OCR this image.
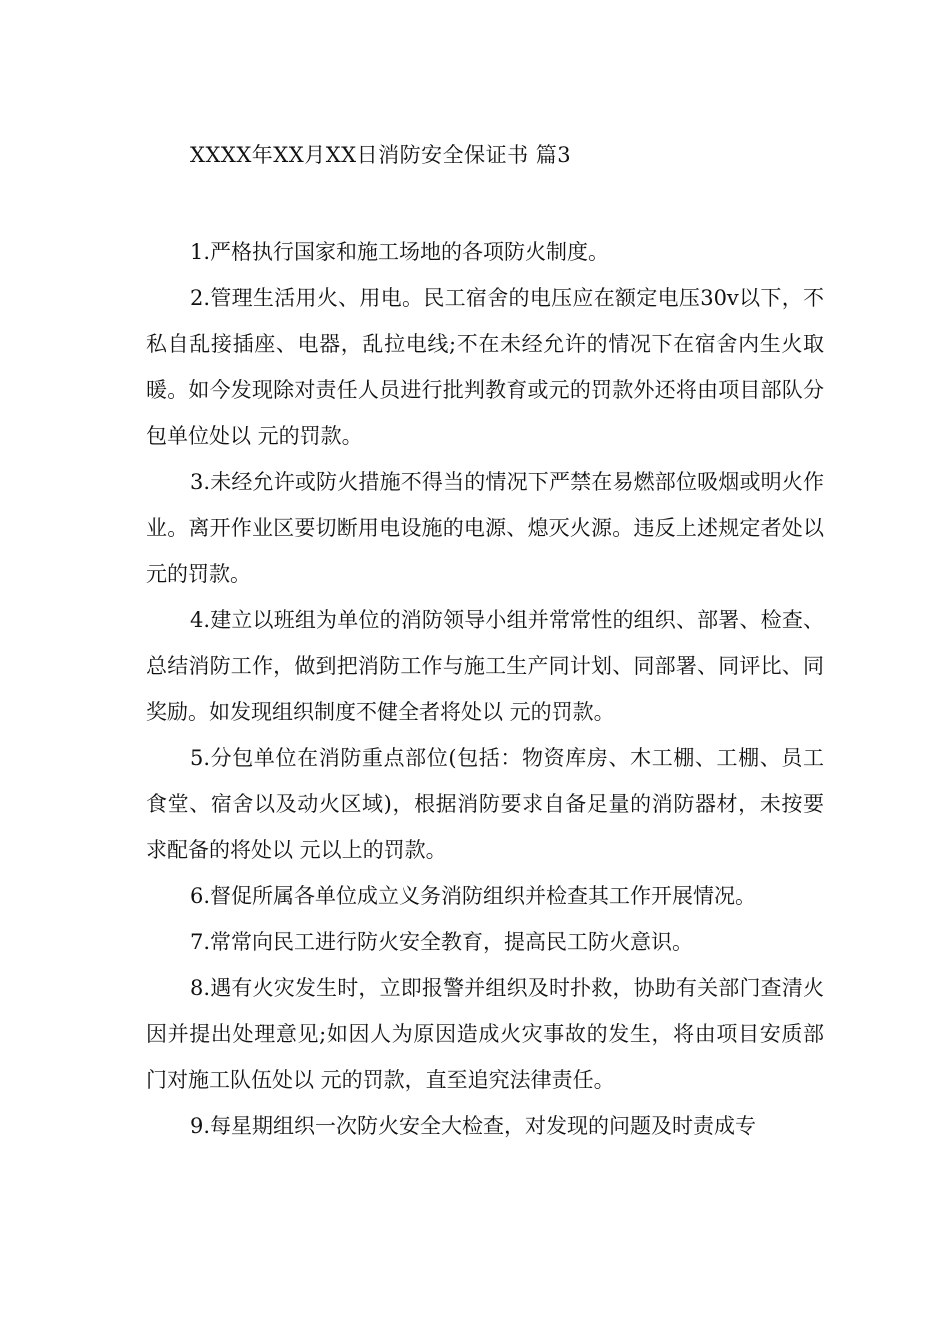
XXXX年XX月XX日消防安全保证书 篇3

1.严格执行国家和施工场地的各项防火制度。

2.管理生活用火、用电。民工宿舍的电压应在额定电压30v以下，不私自乱接插座、电器，乱拉电线;不在未经允许的情况下在宿舍内生火取暖。如今发现除对责任人员进行批判教育或元的罚款外还将由项目部队分包单位处以 元的罚款。

3.未经允许或防火措施不得当的情况下严禁在易燃部位吸烟或明火作业。离开作业区要切断用电设施的电源、熄灭火源。违反上述规定者处以 元的罚款。

4.建立以班组为单位的消防领导小组并常常性的组织、部署、检查、总结消防工作，做到把消防工作与施工生产同计划、同部署、同评比、同奖励。如发现组织制度不健全者将处以 元的罚款。

5.分包单位在消防重点部位(包括：物资库房、木工棚、工棚、员工食堂、宿舍以及动火区域)，根据消防要求自备足量的消防器材，未按要求配备的将处以 元以上的罚款。

6.督促所属各单位成立义务消防组织并检查其工作开展情况。

7.常常向民工进行防火安全教育，提高民工防火意识。

8.遇有火灾发生时，立即报警并组织及时扑救，协助有关部门查清火因并提出处理意见;如因人为原因造成火灾事故的发生，将由项目安质部门对施工队伍处以 元的罚款，直至追究法律责任。

9.每星期组织一次防火安全大检查，对发现的问题及时责成专
